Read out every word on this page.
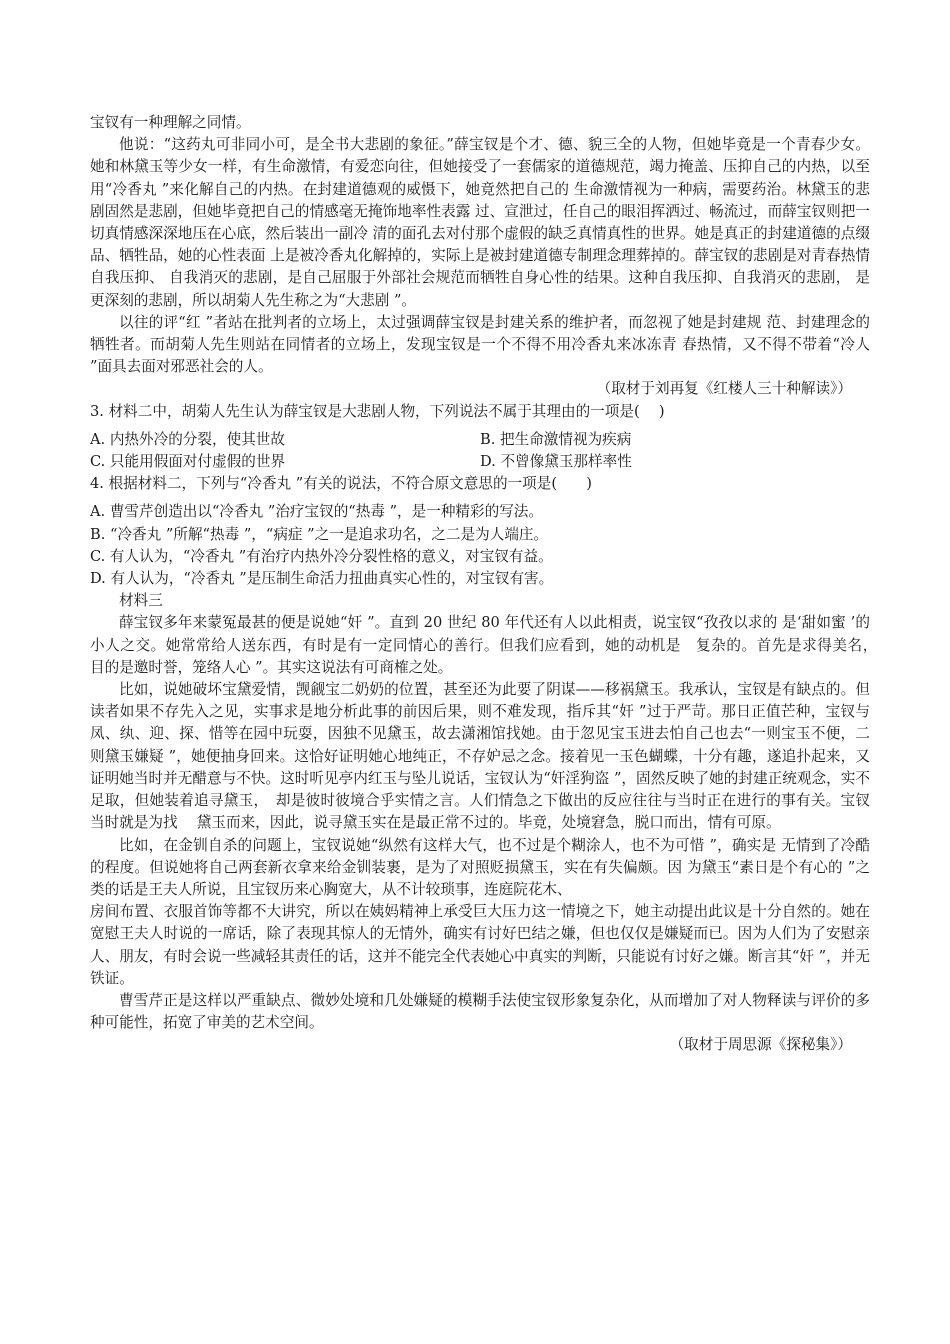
宝钗有一种理解之同情。

他说：“这药丸可非同小可，是全书大悲剧的象征。”薛宝钗是个才、德、貌三全的人物，但她毕竟是一个青春少女。她和林黛玉等少女一样，有生命激情，有爱恋向往，但她接受了一套儒家的道德规范，竭力掩盖、压抑自己的内热，以至用“冷香丸 ”来化解自己的内热。在封建道德观的威慑下，她竟然把自己的 生命激情视为一种病，需要药治。林黛玉的悲剧固然是悲剧，但她毕竟把自己的情感毫无掩饰地率性表露 过、宣泄过，任自己的眼泪挥洒过、畅流过，而薛宝钗则把一切真情感深深地压在心底，然后装出一副冷 清的面孔去对付那个虚假的缺乏真情真性的世界。她是真正的封建道德的点缀品、牺牲品，她的心性表面 上是被冷香丸化解掉的，实际上是被封建道德专制理念理葬掉的。薛宝钗的悲剧是对青春热情自我压抑、 自我消灭的悲剧，是自己屈服于外部社会规范而牺牲自身心性的结果。这种自我压抑、自我消灭的悲剧， 是更深刻的悲剧，所以胡菊人先生称之为“大悲剧 ”。

以往的评“红 ”者站在批判者的立场上，太过强调薛宝钗是封建关系的维护者，而忽视了她是封建规 范、封建理念的牺牲者。而胡菊人先生则站在同情者的立场上，发现宝钗是一个不得不用冷香丸来冰冻青 春热情，又不得不带着“冷人 ”面具去面对邪恶社会的人。

（取材于刘再复《红楼人三十种解读》）

3. 材料二中，胡菊人先生认为薛宝钗是大悲剧人物，下列说法不属于其理由的一项是(　 )

A. 内热外冷的分裂，使其世故	B. 把生命激情视为疾病
C. 只能用假面对付虚假的世界	D. 不曾像黛玉那样率性

4. 根据材料二，下列与“冷香丸 ”有关的说法，不符合原文意思的一项是(　　)

A. 曹雪芹创造出以“冷香丸 ”治疗宝钗的“热毒 ”，是一种精彩的写法。

B. “冷香丸 ”所解“热毒 ”，“病症 ”之一是追求功名，之二是为人端庄。

C. 有人认为，“冷香丸 ”有治疗内热外冷分裂性格的意义，对宝钗有益。

D. 有人认为，“冷香丸 ”是压制生命活力扭曲真实心性的，对宝钗有害。

材料三

薛宝钗多年来蒙冤最甚的便是说她“奸 ”。直到 20 世纪 80 年代还有人以此相责，说宝钗“孜孜以求的 是‘甜如蜜 ’的小人之交。她常常给人送东西，有时是有一定同情心的善行。但我们应看到，她的动机是　复杂的。首先是求得美名，　目的是邀时誉，笼络人心 ”。其实这说法有可商榷之处。

比如，说她破坏宝黛爱情，觊觎宝二奶奶的位置，甚至还为此要了阴谋——移祸黛玉。我承认，宝钗是有缺点的。但读者如果不存先入之见，实事求是地分析此事的前因后果，则不难发现，指斥其“奸 ”过于严苛。那日正值芒种，宝钗与凤、纨、迎、探、惜等在园中玩耍，因独不见黛玉，故去潇湘馆找她。由于忽见宝玉进去怕自己也去“一则宝玉不便，二则黛玉嫌疑 ”，她便抽身回来。这恰好证明她心地纯正，不存妒忌之念。接着见一玉色蝴蝶，十分有趣，遂追扑起来，又证明她当时并无醋意与不快。这时听见亭内红玉与坠儿说话，宝钗认为“奸淫狗盗 ”，固然反映了她的封建正统观念，实不足取，但她装着追寻黛玉，　却是彼时彼境合乎实情之言。人们情急之下做出的反应往往与当时正在进行的事有关。宝钗当时就是为找　 黛玉而来，因此，说寻黛玉实在是最正常不过的。毕竟，处境窘急，脱口而出，情有可原。

比如，在金钏自杀的问题上，宝钗说她“纵然有这样大气，也不过是个糊涂人，也不为可惜 ”，确实是 无情到了冷酷的程度。但说她将自己两套新衣拿来给金钏装裹，是为了对照贬损黛玉，实在有失偏颇。因 为黛玉“素日是个有心的 ”之类的话是王夫人所说，且宝钗历来心胸宽大，从不计较琐事，连庭院花木、

房间布置、衣服首饰等都不大讲究，所以在姨妈精神上承受巨大压力这一情境之下，她主动提出此议是十分自然的。她在宽慰王夫人时说的一席话，除了表现其惊人的无情外，确实有讨好巴结之嫌，但也仅仅是嫌疑而已。因为人们为了安慰亲人、朋友，有时会说一些减轻其责任的话，这并不能完全代表她心中真实的判断，只能说有讨好之嫌。断言其“奸 ”，并无铁证。

曹雪芹正是这样以严重缺点、微妙处境和几处嫌疑的模糊手法使宝钗形象复杂化，从而增加了对人物释读与评价的多种可能性，拓宽了审美的艺术空间。

（取材于周思源《探秘集》）
